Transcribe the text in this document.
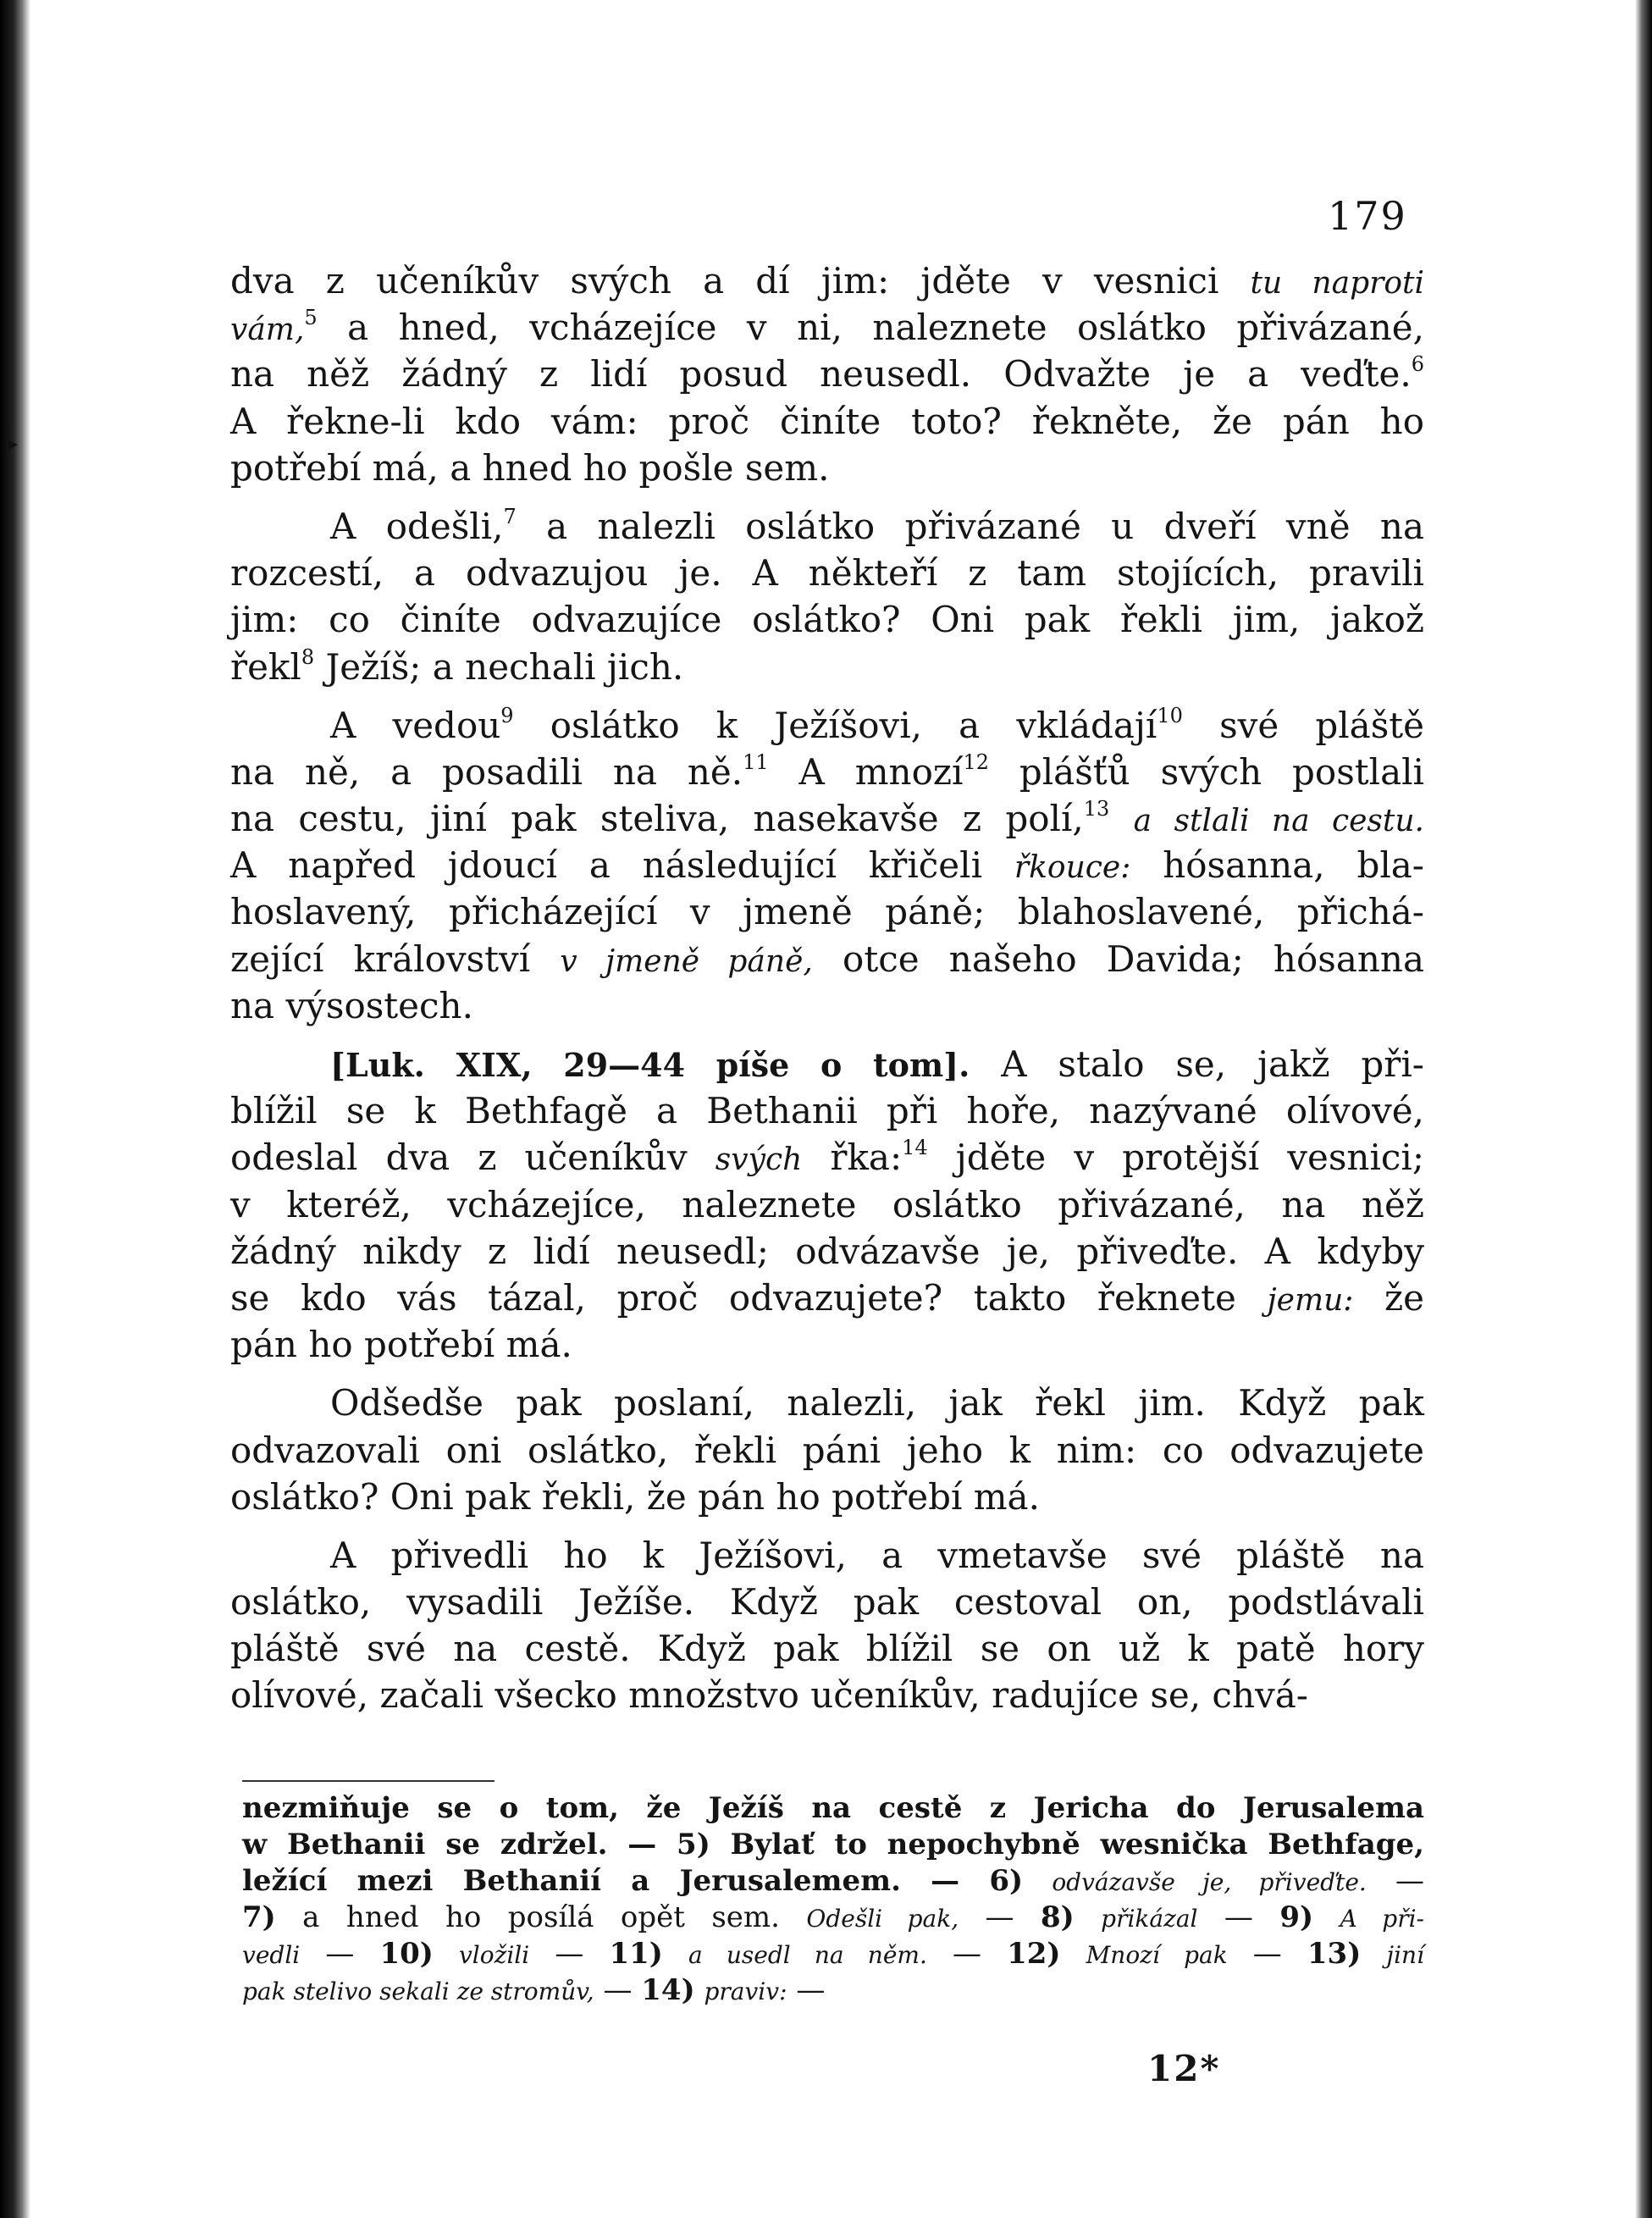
▸
179
dva z učeníkův svých a dí jim: jděte v vesnici tu naproti
vám,$^5$ a hned, vcházejíce v ni, naleznete oslátko přivázané,
na něž žádný z lidí posud neusedl. Odvažte je a veďte.$^6$
A řekne-li kdo vám: proč činíte toto? řekněte, že pán ho
potřebí má, a hned ho pošle sem.
A odešli,$^7$ a nalezli oslátko přivázané u dveří vně na
rozcestí, a odvazujou je. A někteří z tam stojících, pravili
jim: co činíte odvazujíce oslátko? Oni pak řekli jim, jakož
řekl$^8$ Ježíš; a nechali jich.
A vedou$^9$ oslátko k Ježíšovi, a vkládají$^{10}$ své pláště
na ně, a posadili na ně.$^{11}$ A mnozí$^{12}$ plášťů svých postlali
na cestu, jiní pak steliva, nasekavše z polí,$^{13}$ a stlali na cestu.
A napřed jdoucí a následující křičeli řkouce: hósanna, bla-
hoslavený, přicházející v jmeně páně; blahoslavené, přichá-
zející království v jmeně páně, otce našeho Davida; hósanna
na výsostech.
[Luk. XIX, 29—44 píše o tom]. A stalo se, jakž při-
blížil se k Bethfagě a Bethanii při hoře, nazývané olívové,
odeslal dva z učeníkův svých řka:$^{14}$ jděte v protější vesnici;
v kteréž, vcházejíce, naleznete oslátko přivázané, na něž
žádný nikdy z lidí neusedl; odvázavše je, přiveďte. A kdyby
se kdo vás tázal, proč odvazujete? takto řeknete jemu: že
pán ho potřebí má.
Odšedše pak poslaní, nalezli, jak řekl jim. Když pak
odvazovali oni oslátko, řekli páni jeho k nim: co odvazujete
oslátko? Oni pak řekli, že pán ho potřebí má.
A přivedli ho k Ježíšovi, a vmetavše své pláště na
oslátko, vysadili Ježíše. Když pak cestoval on, podstlávali
pláště své na cestě. Když pak blížil se on už k patě hory
olívové, začali všecko množstvo učeníkův, radujíce se, chvá-
nezmiňuje se o tom, že Ježíš na cestě z Jericha do Jerusalema
w Bethanii se zdržel. — 5) Bylať to nepochybně wesnička Bethfage,
ležící mezi Bethanií a Jerusalemem. — 6) odvázavše je, přiveďte. —
7) a hned ho posílá opět sem. Odešli pak, — 8) přikázal — 9) A při-
vedli — 10) vložili — 11) a usedl na něm. — 12) Mnozí pak — 13) jiní
pak stelivo sekali ze stromův, — 14) praviv: —
12*
